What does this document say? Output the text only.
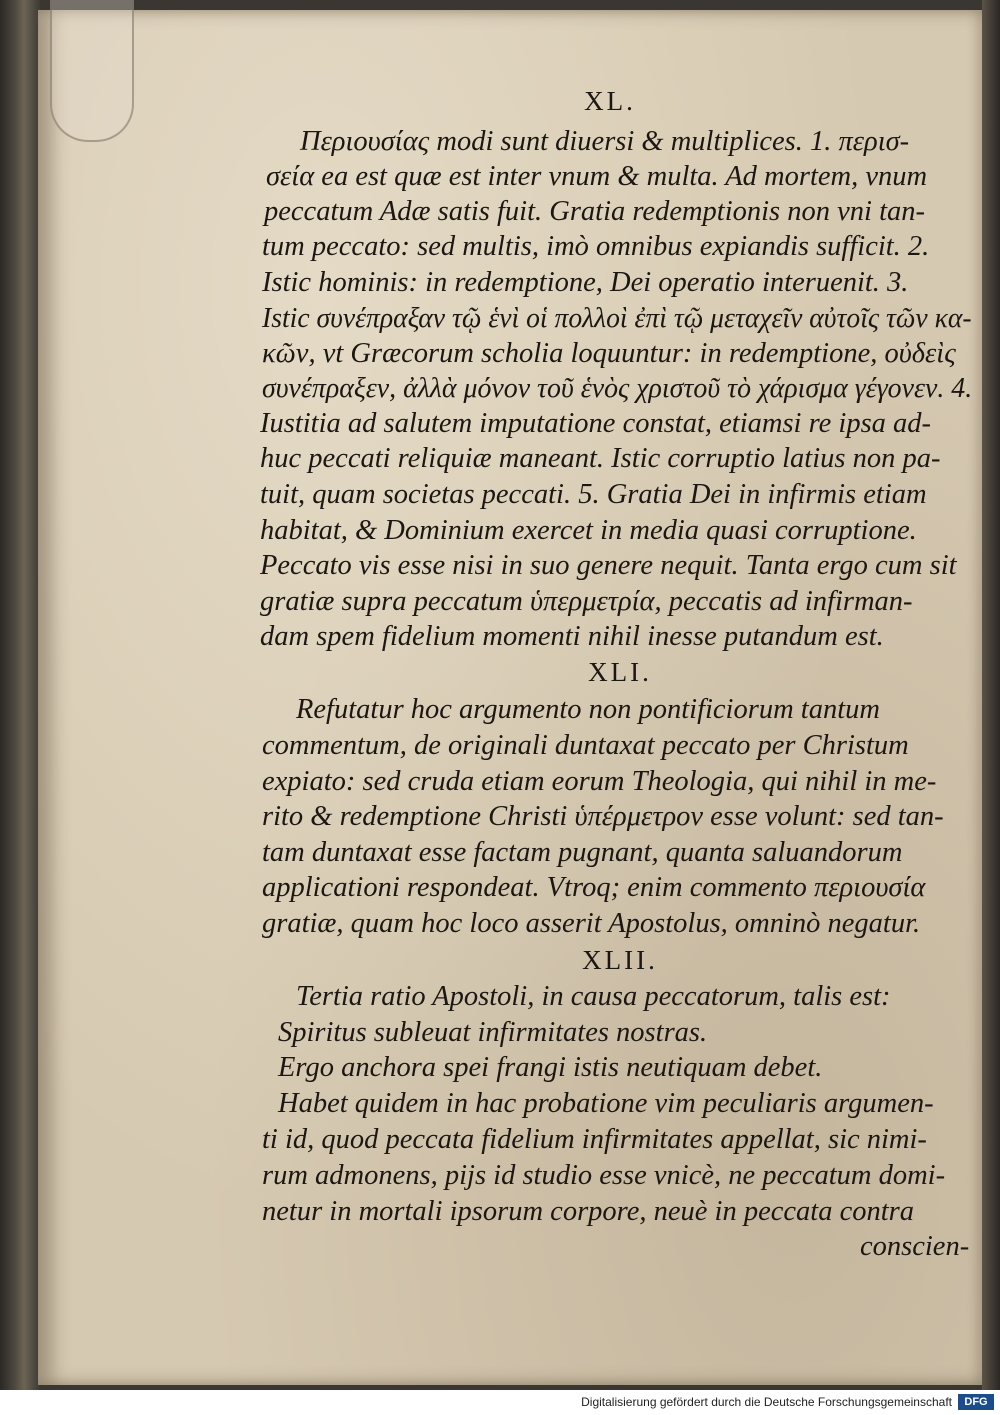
XL.
Περιουσίας modi sunt diuersi & multiplices. 1. περισ-
σεία ea est quæ est inter vnum & multa. Ad mortem, vnum
peccatum Adæ satis fuit. Gratia redemptionis non vni tan-
tum peccato: sed multis, imò omnibus expiandis sufficit. 2.
Istic hominis: in redemptione, Dei operatio interuenit. 3.
Istic συνέπραξαν τῷ ἑνὶ οἱ πολλοὶ ἐπὶ τῷ μεταχεῖν αὐτοῖς τῶν κα-
κῶν, vt Græcorum scholia loquuntur: in redemptione, οὐδεὶς
συνέπραξεν, ἀλλὰ μόνον τοῦ ἑνὸς χριστοῦ τὸ χάρισμα γέγονεν. 4.
Iustitia ad salutem imputatione constat, etiamsi re ipsa ad-
huc peccati reliquiæ maneant. Istic corruptio latius non pa-
tuit, quam societas peccati. 5. Gratia Dei in infirmis etiam
habitat, & Dominium exercet in media quasi corruptione.
Peccato vis esse nisi in suo genere nequit. Tanta ergo cum sit
gratiæ supra peccatum ὑπερμετρία, peccatis ad infirman-
dam spem fidelium momenti nihil inesse putandum est.
XLI.
Refutatur hoc argumento non pontificiorum tantum
commentum, de originali duntaxat peccato per Christum
expiato: sed cruda etiam eorum Theologia, qui nihil in me-
rito & redemptione Christi ὑπέρμετρον esse volunt: sed tan-
tam duntaxat esse factam pugnant, quanta saluandorum
applicationi respondeat. Vtroq; enim commento περιουσία
gratiæ, quam hoc loco asserit Apostolus, omninò negatur.
XLII.
Tertia ratio Apostoli, in causa peccatorum, talis est:
Spiritus subleuat infirmitates nostras.
Ergo anchora spei frangi istis neutiquam debet.
Habet quidem in hac probatione vim peculiaris argumen-
ti id, quod peccata fidelium infirmitates appellat, sic nimi-
rum admonens, pijs id studio esse vnicè, ne peccatum domi-
netur in mortali ipsorum corpore, neuè in peccata contra
conscien-
Digitalisierung gefördert durch die Deutsche Forschungsgemeinschaft	DFG
